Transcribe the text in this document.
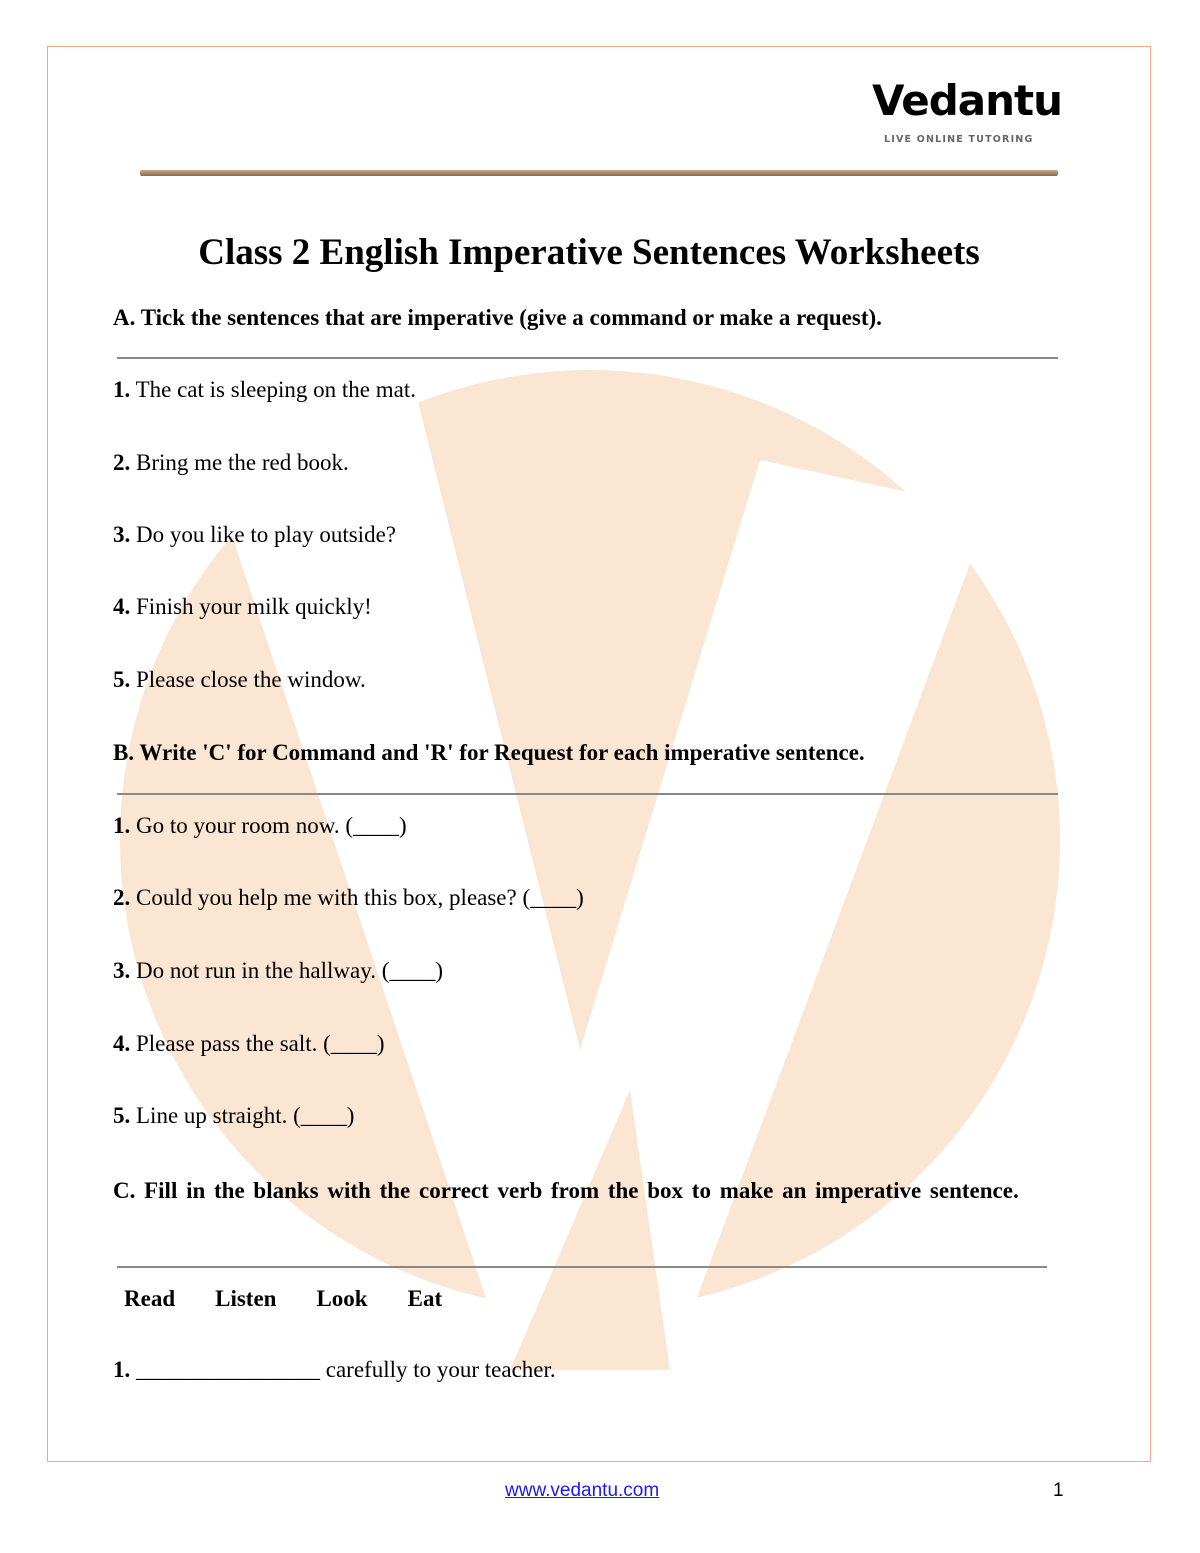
Vedantu
LIVE ONLINE TUTORING
Class 2 English Imperative Sentences Worksheets
A. Tick the sentences that are imperative (give a command or make a request).
1. The cat is sleeping on the mat.
2. Bring me the red book.
3. Do you like to play outside?
4. Finish your milk quickly!
5. Please close the window.
B. Write 'C' for Command and 'R' for Request for each imperative sentence.
1. Go to your room now. (____)
2. Could you help me with this box, please? (____)
3. Do not run in the hallway. (____)
4. Please pass the salt. (____)
5. Line up straight. (____)
C. Fill in the blanks with the correct verb from the box to make an imperative sentence.
Read Listen Look Eat
1. ________________ carefully to your teacher.
www.vedantu.com	1
